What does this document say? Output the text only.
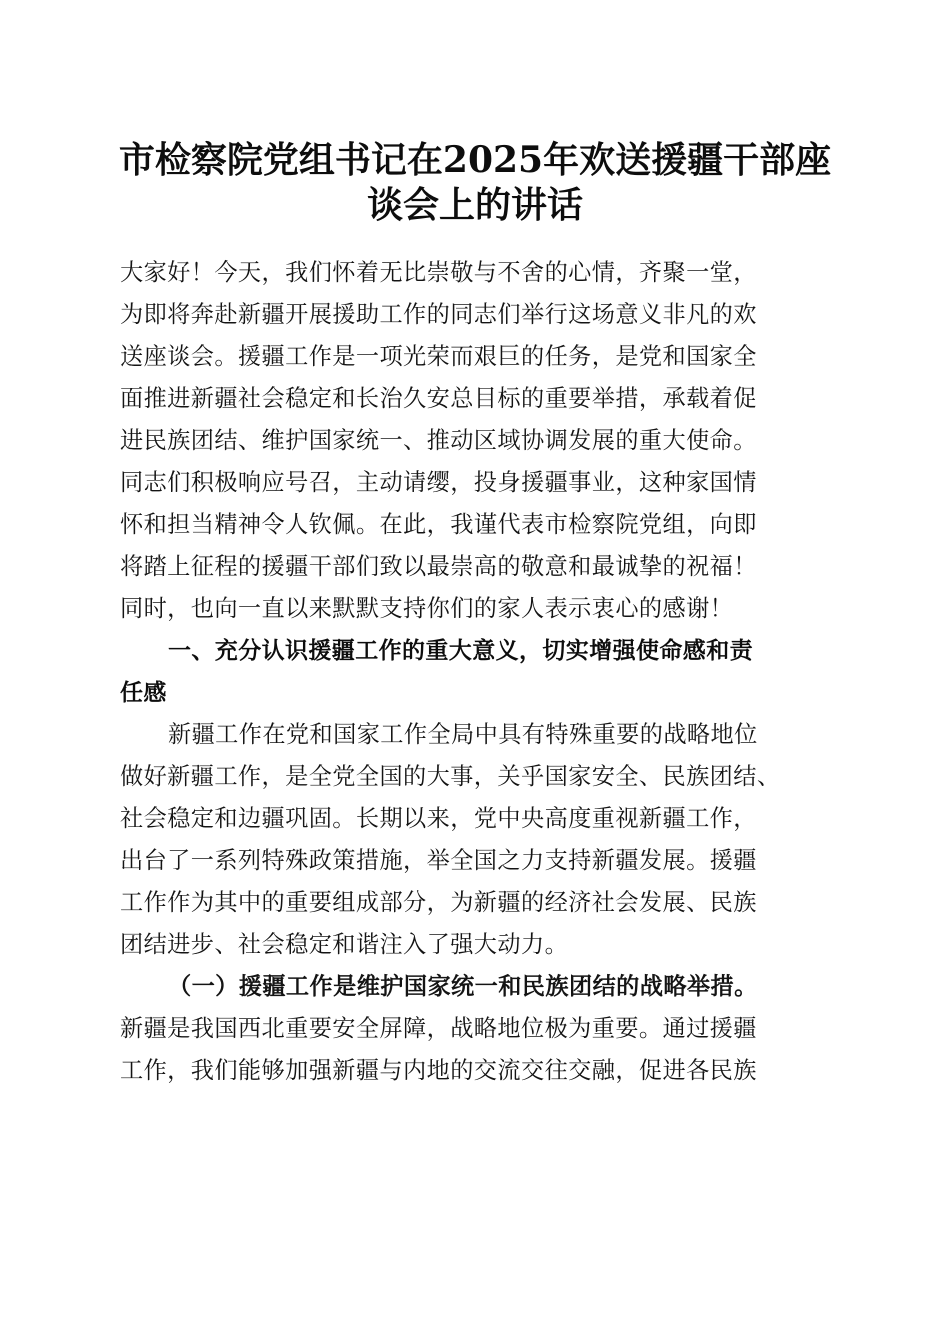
市检察院党组书记在2025年欢送援疆干部座
谈会上的讲话
大家好！今天，我们怀着无比崇敬与不舍的心情，齐聚一堂，
为即将奔赴新疆开展援助工作的同志们举行这场意义非凡的欢
送座谈会。援疆工作是一项光荣而艰巨的任务，是党和国家全
面推进新疆社会稳定和长治久安总目标的重要举措，承载着促
进民族团结、维护国家统一、推动区域协调发展的重大使命。
同志们积极响应号召，主动请缨，投身援疆事业，这种家国情
怀和担当精神令人钦佩。在此，我谨代表市检察院党组，向即
将踏上征程的援疆干部们致以最崇高的敬意和最诚挚的祝福！
同时，也向一直以来默默支持你们的家人表示衷心的感谢！
一、充分认识援疆工作的重大意义，切实增强使命感和责
任感
新疆工作在党和国家工作全局中具有特殊重要的战略地位
做好新疆工作，是全党全国的大事，关乎国家安全、民族团结、
社会稳定和边疆巩固。长期以来，党中央高度重视新疆工作，
出台了一系列特殊政策措施，举全国之力支持新疆发展。援疆
工作作为其中的重要组成部分，为新疆的经济社会发展、民族
团结进步、社会稳定和谐注入了强大动力。
（一）援疆工作是维护国家统一和民族团结的战略举措。
新疆是我国西北重要安全屏障，战略地位极为重要。通过援疆
工作，我们能够加强新疆与内地的交流交往交融，促进各民族
